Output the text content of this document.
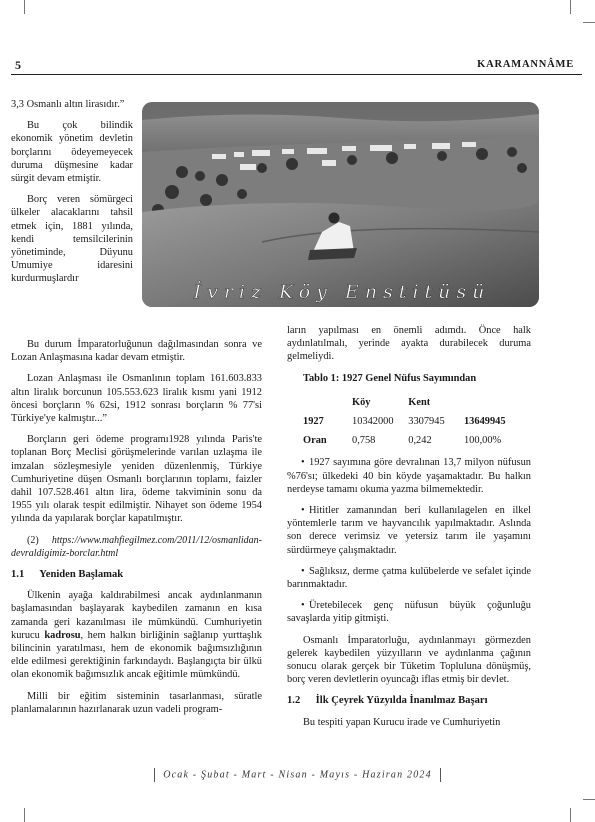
5	KARAMANNÂME
İvriz Köy Enstitüsü

3,3 Osmanlı altın lirasıdır.”

Bu çok bilindik ekonomik yönetim devletin borçlarını ödeyemeyecek duruma düşmesine kadar sürgit devam etmiştir.

Borç veren sömürgeci ülkeler alacaklarını tahsil etmek için, 1881 yılında, kendi temsilcilerinin yönetiminde, Düyunu Umumiye idaresini kurdurmuşlardır

Bu durum İmparatorluğunun dağılmasından sonra ve Lozan Anlaşmasına kadar devam etmiştir.

Lozan Anlaşması ile Osmanlının toplam 161.603.833 altın liralık borcunun 105.553.623 liralık kısmı yani 1912 öncesi borçların % 62si, 1912 sonrası borçların % 77'si Türkiye'ye kalmıştır...”

Borçların geri ödeme programı1928 yılında Paris'te toplanan Borç Meclisi görüşmelerinde varılan uzlaşma ile imzalan sözleşmesiyle yeniden düzenlenmiş, Türkiye Cumhuriyetine düşen Osmanlı borçlarının toplamı, faizler dahil 107.528.461 altın lira, ödeme takviminin sonu da 1955 yılı olarak tespit edilmiştir. Nihayet son ödeme 1954 yılında da yapılarak borçlar kapatılmıştır.

(2) https://www.mahfiegilmez.com/2011/12/osmanlidan-devraldigimiz-borclar.html

1.1 Yeniden Başlamak

Ülkenin ayağa kaldırabilmesi ancak aydınlanmanın başlamasından başlayarak kaybedilen zamanın en kısa zamanda geri kazanılması ile mümkündü. Cumhuriyetin kurucu kadrosu, hem halkın birliğinin sağlanıp yurttaşlık bilincinin yaratılması, hem de ekonomik bağımsızlığının elde edilmesi gerektiğinin farkındaydı. Başlangıçta bir ülkü olan ekonomik bağımsızlık ancak eğitimle mümkündü.

Milli bir eğitim sisteminin tasarlanması, süratle planlamalarının hazırlanarak uzun vadeli program-

ların yapılması en önemli adımdı. Önce halk aydınlatılmalı, yerinde ayakta durabilecek duruma gelmeliydi.

Tablo 1: 1927 Genel Nüfus Sayımından

	Köy	Kent	
1927	10342000	3307945	13649945
Oran	0,758	0,242	100,00%

• 1927 sayımına göre devralınan 13,7 milyon nüfusun %76'sı; ülkedeki 40 bin köyde yaşamaktadır. Bu halkın nerdeyse tamamı okuma yazma bilmemektedir.

• Hititler zamanından beri kullanılagelen en ilkel yöntemlerle tarım ve hayvancılık yapılmaktadır. Aslında son derece verimsiz ve yetersiz tarım ile yaşamını sürdürmeye çalışmaktadır.

• Sağlıksız, derme çatma kulübelerde ve sefalet içinde barınmaktadır.

• Üretebilecek genç nüfusun büyük çoğunluğu savaşlarda yitip gitmişti.

Osmanlı İmparatorluğu, aydınlanmayı görmezden gelerek kaybedilen yüzyılların ve aydınlanma çağının sonucu olarak gerçek bir Tüketim Topluluna dönüşmüş, borç veren devletlerin oyuncağı iflas etmiş bir devlet.

1.2 İlk Çeyrek Yüzyılda İnanılmaz Başarı

Bu tespiti yapan Kurucu irade ve Cumhuriyetin

Ocak - Şubat - Mart - Nisan - Mayıs - Haziran 2024
